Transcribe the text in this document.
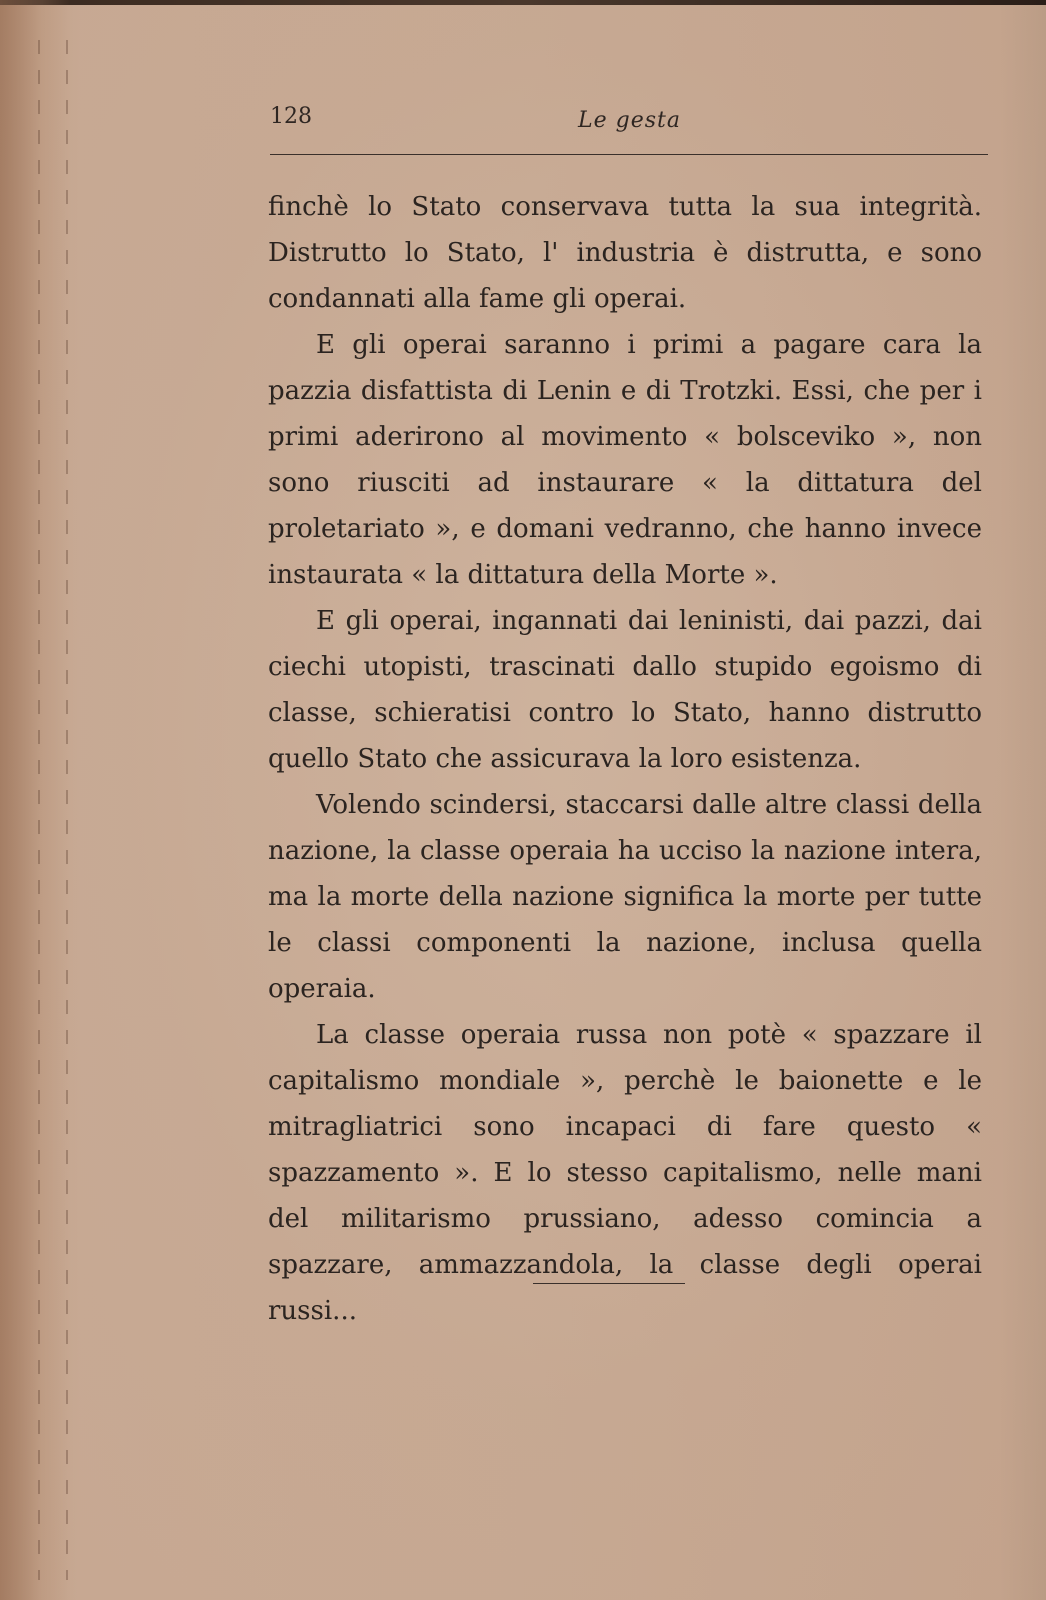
128	Le gesta

finchè lo Stato conservava tutta la sua integrità. Distrutto lo Stato, l' industria è distrutta, e sono condannati alla fame gli operai.

E gli operai saranno i primi a pagare cara la pazzia disfattista di Lenin e di Trotzki. Essi, che per i primi aderirono al movimento « bolsceviko », non sono riusciti ad instaurare « la dittatura del proletariato », e domani vedranno, che hanno invece instaurata « la dittatura della Morte ».

E gli operai, ingannati dai leninisti, dai pazzi, dai ciechi utopisti, trascinati dallo stupido egoismo di classe, schieratisi contro lo Stato, hanno distrutto quello Stato che assicurava la loro esistenza.

Volendo scindersi, staccarsi dalle altre classi della nazione, la classe operaia ha ucciso la nazione intera, ma la morte della nazione significa la morte per tutte le classi componenti la nazione, inclusa quella operaia.

La classe operaia russa non potè « spazzare il capitalismo mondiale », perchè le baionette e le mitragliatrici sono incapaci di fare questo « spazzamento ». E lo stesso capitalismo, nelle mani del militarismo prussiano, adesso comincia a spazzare, ammazzandola, la classe degli operai russi...
